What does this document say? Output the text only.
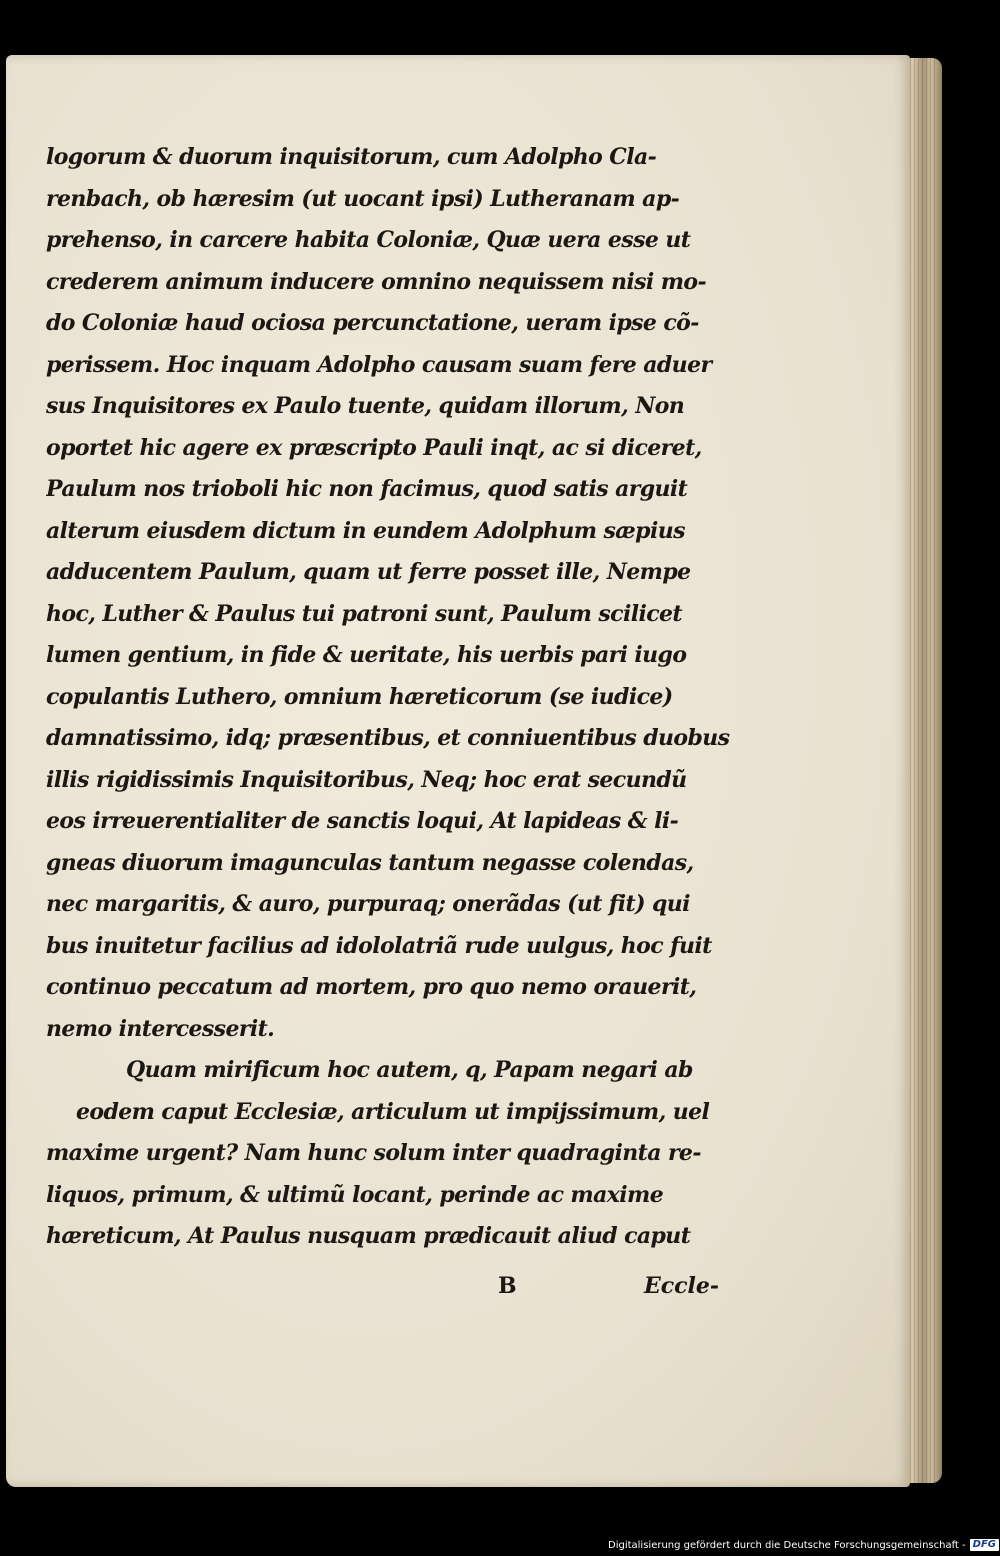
logorum & duorum inquisitorum, cum Adolpho Cla-
renbach, ob hæresim (ut uocant ipsi) Lutheranam ap-
prehenso, in carcere habita Coloniæ, Quæ uera esse ut
crederem animum inducere omnino nequissem nisi mo-
do Coloniæ haud ociosa percunctatione, ueram ipse cõ-
perissem. Hoc inquam Adolpho causam suam fere aduer
sus Inquisitores ex Paulo tuente, quidam illorum, Non
oportet hic agere ex præscripto Pauli inqt, ac si diceret,
Paulum nos trioboli hic non facimus, quod satis arguit
alterum eiusdem dictum in eundem Adolphum sæpius
adducentem Paulum, quam ut ferre posset ille, Nempe
hoc, Luther & Paulus tui patroni sunt, Paulum scilicet
lumen gentium, in fide & ueritate, his uerbis pari iugo
copulantis Luthero, omnium hæreticorum (se iudice)
damnatissimo, idq; præsentibus, et conniuentibus duobus
illis rigidissimis Inquisitoribus, Neq; hoc erat secundũ
eos irreuerentialiter de sanctis loqui, At lapideas & li-
gneas diuorum imagunculas tantum negasse colendas,
nec margaritis, & auro, purpuraq; onerãdas (ut fit) qui
bus inuitetur facilius ad idololatriã rude uulgus, hoc fuit
continuo peccatum ad mortem, pro quo nemo orauerit,
nemo intercesserit.
Quam mirificum hoc autem, q, Papam negari ab
eodem caput Ecclesiæ, articulum ut impijssimum, uel
maxime urgent? Nam hunc solum inter quadraginta re-
liquos, primum, & ultimũ locant, perinde ac maxime
hæreticum, At Paulus nusquam prædicauit aliud caput
B	Eccle-
Digitalisierung gefördert durch die Deutsche Forschungsgemeinschaft - DFG
